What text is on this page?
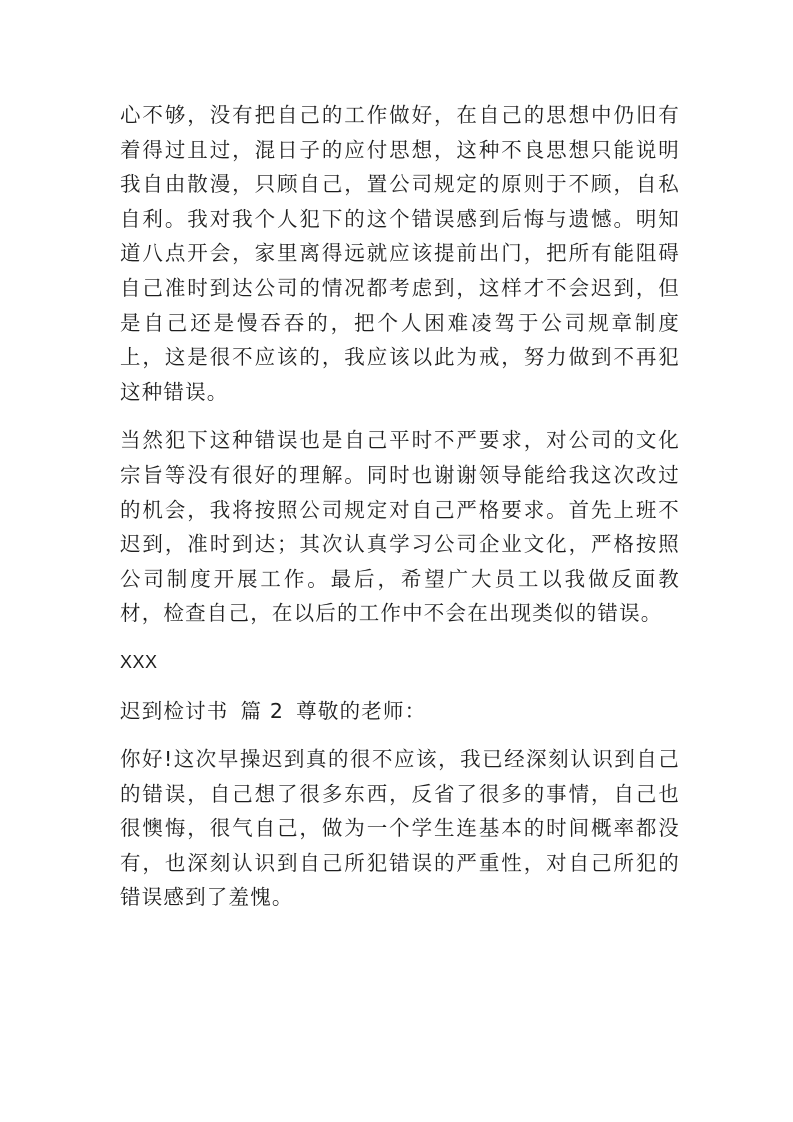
心不够，没有把自己的工作做好，在自己的思想中仍旧有着得过且过，混日子的应付思想，这种不良思想只能说明我自由散漫，只顾自己，置公司规定的原则于不顾，自私自利。我对我个人犯下的这个错误感到后悔与遗憾。明知道八点开会，家里离得远就应该提前出门，把所有能阻碍自己准时到达公司的情况都考虑到，这样才不会迟到，但是自己还是慢吞吞的，把个人困难凌驾于公司规章制度上，这是很不应该的，我应该以此为戒，努力做到不再犯这种错误。

当然犯下这种错误也是自己平时不严要求，对公司的文化宗旨等没有很好的理解。同时也谢谢领导能给我这次改过的机会，我将按照公司规定对自己严格要求。首先上班不迟到，准时到达；其次认真学习公司企业文化，严格按照公司制度开展工作。最后，希望广大员工以我做反面教材，检查自己，在以后的工作中不会在出现类似的错误。

XXX

迟到检讨书 篇 2 尊敬的老师：

你好!这次早操迟到真的很不应该，我已经深刻认识到自己的错误，自己想了很多东西，反省了很多的事情，自己也很懊悔，很气自己，做为一个学生连基本的时间概率都没有，也深刻认识到自己所犯错误的严重性，对自己所犯的错误感到了羞愧。
